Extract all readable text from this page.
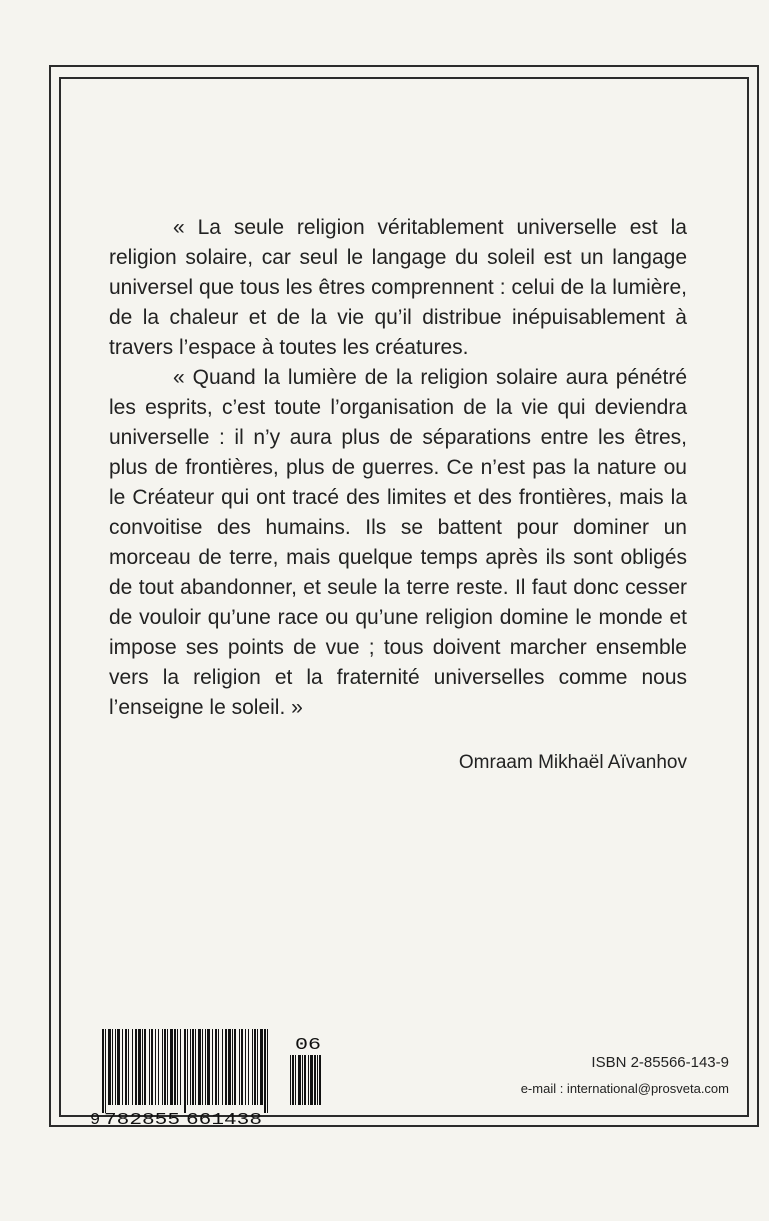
« La seule religion véritablement universelle est la religion solaire, car seul le langage du soleil est un langage universel que tous les êtres comprennent : celui de la lumière, de la chaleur et de la vie qu’il distribue inépuisablement à travers l’espace à toutes les créatures.

« Quand la lumière de la religion solaire aura pénétré les esprits, c’est toute l’organisation de la vie qui deviendra universelle : il n’y aura plus de séparations entre les êtres, plus de frontières, plus de guerres. Ce n’est pas la nature ou le Créateur qui ont tracé des limites et des frontières, mais la convoitise des humains. Ils se battent pour dominer un morceau de terre, mais quelque temps après ils sont obligés de tout abandonner, et seule la terre reste. Il faut donc cesser de vouloir qu’une race ou qu’une religion domine le monde et impose ses points de vue ; tous doivent marcher ensemble vers la religion et la fraternité universelles comme nous l’enseigne le soleil. »

Omraam Mikhaël Aïvanhov
9 782855 661438
06
ISBN 2-85566-143-9
e-mail : international@prosveta.com
